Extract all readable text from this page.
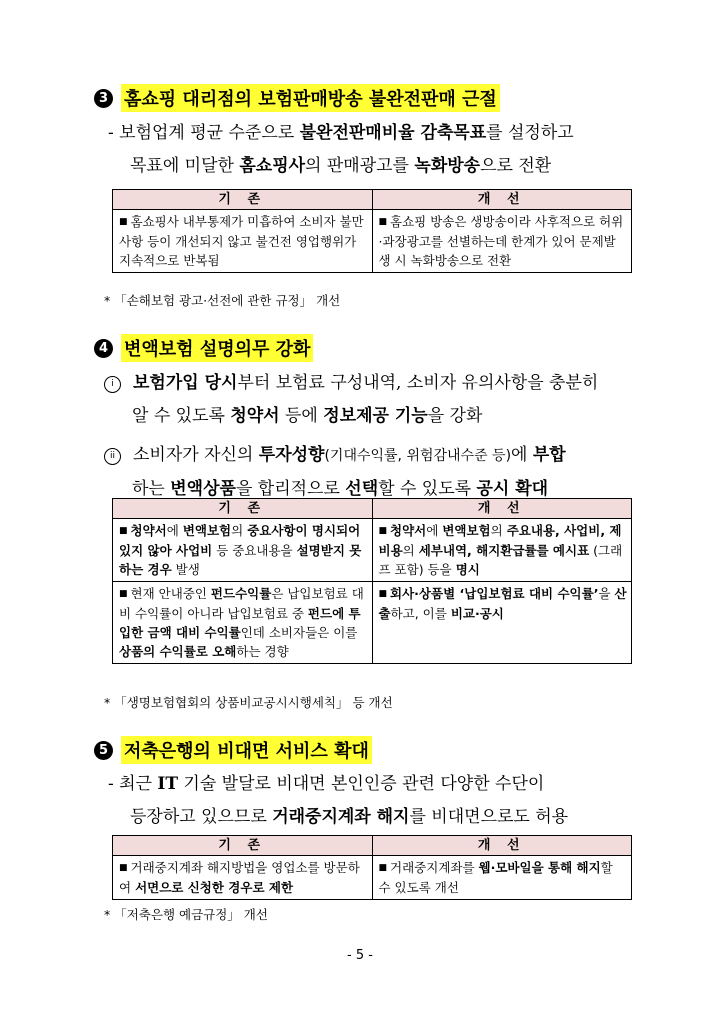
3 홈쇼핑 대리점의 보험판매방송 불완전판매 근절
- 보험업계 평균 수준으로 불완전판매비율 감축목표를 설정하고
목표에 미달한 홈쇼핑사의 판매광고를 녹화방송으로 전환
기 존	개 선
■ 홈쇼핑사 내부통제가 미흡하여 소비자 불만사항 등이 개선되지 않고 불건전 영업행위가 지속적으로 반복됨	■ 홈쇼핑 방송은 생방송이라 사후적으로 허위·과장광고를 선별하는데 한계가 있어 문제발생 시 녹화방송으로 전환
* 「손해보험 광고·선전에 관한 규정」 개선
4 변액보험 설명의무 강화
i 보험가입 당시부터 보험료 구성내역, 소비자 유의사항을 충분히
알 수 있도록 청약서 등에 정보제공 기능을 강화
ii 소비자가 자신의 투자성향(기대수익률, 위험감내수준 등)에 부합
하는 변액상품을 합리적으로 선택할 수 있도록 공시 확대
기 존	개 선
■ 청약서에 변액보험의 중요사항이 명시되어 있지 않아 사업비 등 중요내용을 설명받지 못하는 경우 발생	■ 청약서에 변액보험의 주요내용, 사업비, 제비용의 세부내역, 해지환급률를 예시표 (그래프 포함) 등을 명시
■ 현재 안내중인 펀드수익률은 납입보험료 대비 수익률이 아니라 납입보험료 중 펀드에 투입한 금액 대비 수익률인데 소비자들은 이를 상품의 수익률로 오해하는 경향	■ 회사·상품별 ‘납입보험료 대비 수익률’을 산출하고, 이를 비교·공시
* 「생명보험협회의 상품비교공시시행세칙」 등 개선
5 저축은행의 비대면 서비스 확대
- 최근 IT 기술 발달로 비대면 본인인증 관련 다양한 수단이
등장하고 있으므로 거래중지계좌 해지를 비대면으로도 허용
기 존	개 선
■ 거래중지계좌 해지방법을 영업소를 방문하여 서면으로 신청한 경우로 제한	■ 거래중지계좌를 웹·모바일을 통해 해지할 수 있도록 개선
* 「저축은행 예금규정」 개선
- 5 -
